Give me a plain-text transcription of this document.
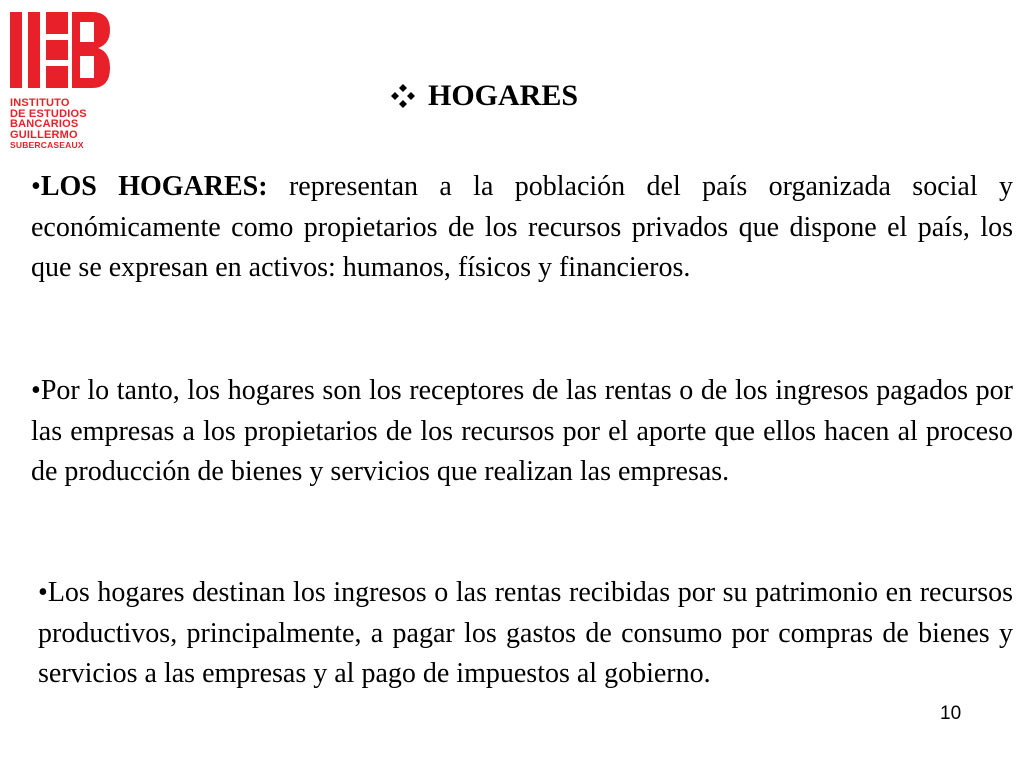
INSTITUTO
DE ESTUDIOS
BANCARIOS
GUILLERMO
SUBERCASEAUX
HOGARES
•LOS HOGARES: representan a la población del país organizada social y económicamente como propietarios de los recursos privados que dispone el país, los que se expresan en activos: humanos, físicos y financieros.
•Por lo tanto, los hogares son los receptores de las rentas o de los ingresos pagados por las empresas a los propietarios de los recursos por el aporte que ellos hacen al proceso de producción de bienes y servicios que realizan las empresas.
•Los hogares destinan los ingresos o las rentas recibidas por su patrimonio en recursos productivos, principalmente, a pagar los gastos de consumo por compras de bienes y servicios a las empresas y al pago de impuestos al gobierno.
10
